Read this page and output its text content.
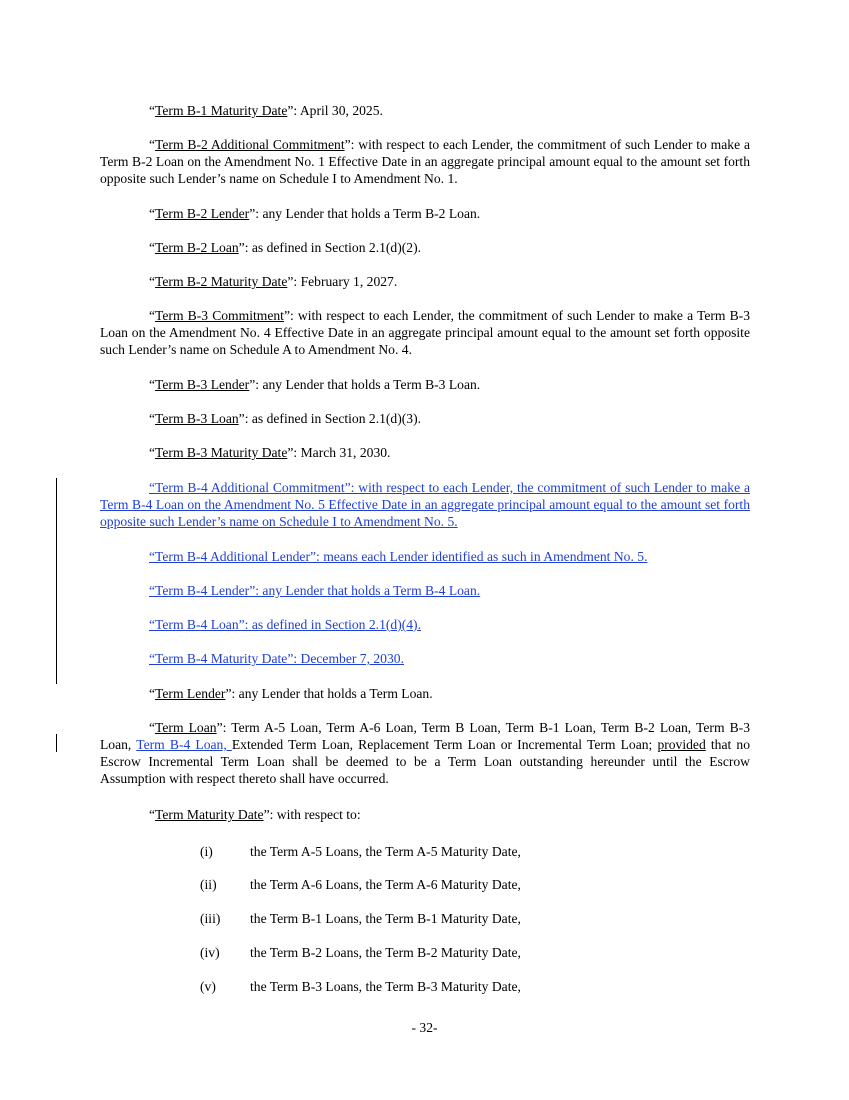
“Term B-1 Maturity Date”: April 30, 2025.

“Term B-2 Additional Commitment”: with respect to each Lender, the commitment of such Lender to make a Term B-2 Loan on the Amendment No. 1 Effective Date in an aggregate principal amount equal to the amount set forth opposite such Lender’s name on Schedule I to Amendment No. 1.

“Term B-2 Lender”: any Lender that holds a Term B-2 Loan.

“Term B-2 Loan”: as defined in Section 2.1(d)(2).

“Term B-2 Maturity Date”: February 1, 2027.

“Term B-3 Commitment”: with respect to each Lender, the commitment of such Lender to make a Term B-3 Loan on the Amendment No. 4 Effective Date in an aggregate principal amount equal to the amount set forth opposite such Lender’s name on Schedule A to Amendment No. 4.

“Term B-3 Lender”: any Lender that holds a Term B-3 Loan.

“Term B-3 Loan”: as defined in Section 2.1(d)(3).

“Term B-3 Maturity Date”: March 31, 2030.

“Term B-4 Additional Commitment”: with respect to each Lender, the commitment of such Lender to make a Term B-4 Loan on the Amendment No. 5 Effective Date in an aggregate principal amount equal to the amount set forth opposite such Lender’s name on Schedule I to Amendment No. 5.

“Term B-4 Additional Lender”: means each Lender identified as such in Amendment No. 5.

“Term B-4 Lender”: any Lender that holds a Term B-4 Loan.

“Term B-4 Loan”: as defined in Section 2.1(d)(4).

“Term B-4 Maturity Date”: December 7, 2030.

“Term Lender”: any Lender that holds a Term Loan.

“Term Loan”: Term A-5 Loan, Term A-6 Loan, Term B Loan, Term B-1 Loan, Term B-2 Loan, Term B-3 Loan, Term B-4 Loan, Extended Term Loan, Replacement Term Loan or Incremental Term Loan; provided that no Escrow Incremental Term Loan shall be deemed to be a Term Loan outstanding hereunder until the Escrow Assumption with respect thereto shall have occurred.

“Term Maturity Date”: with respect to:

(i)	the Term A-5 Loans, the Term A-5 Maturity Date,
(ii) the Term A-6 Loans, the Term A-6 Maturity Date,
(iii) the Term B-1 Loans, the Term B-1 Maturity Date,
(iv) the Term B-2 Loans, the Term B-2 Maturity Date,
(v)	the Term B-3 Loans, the Term B-3 Maturity Date,
- 32-
